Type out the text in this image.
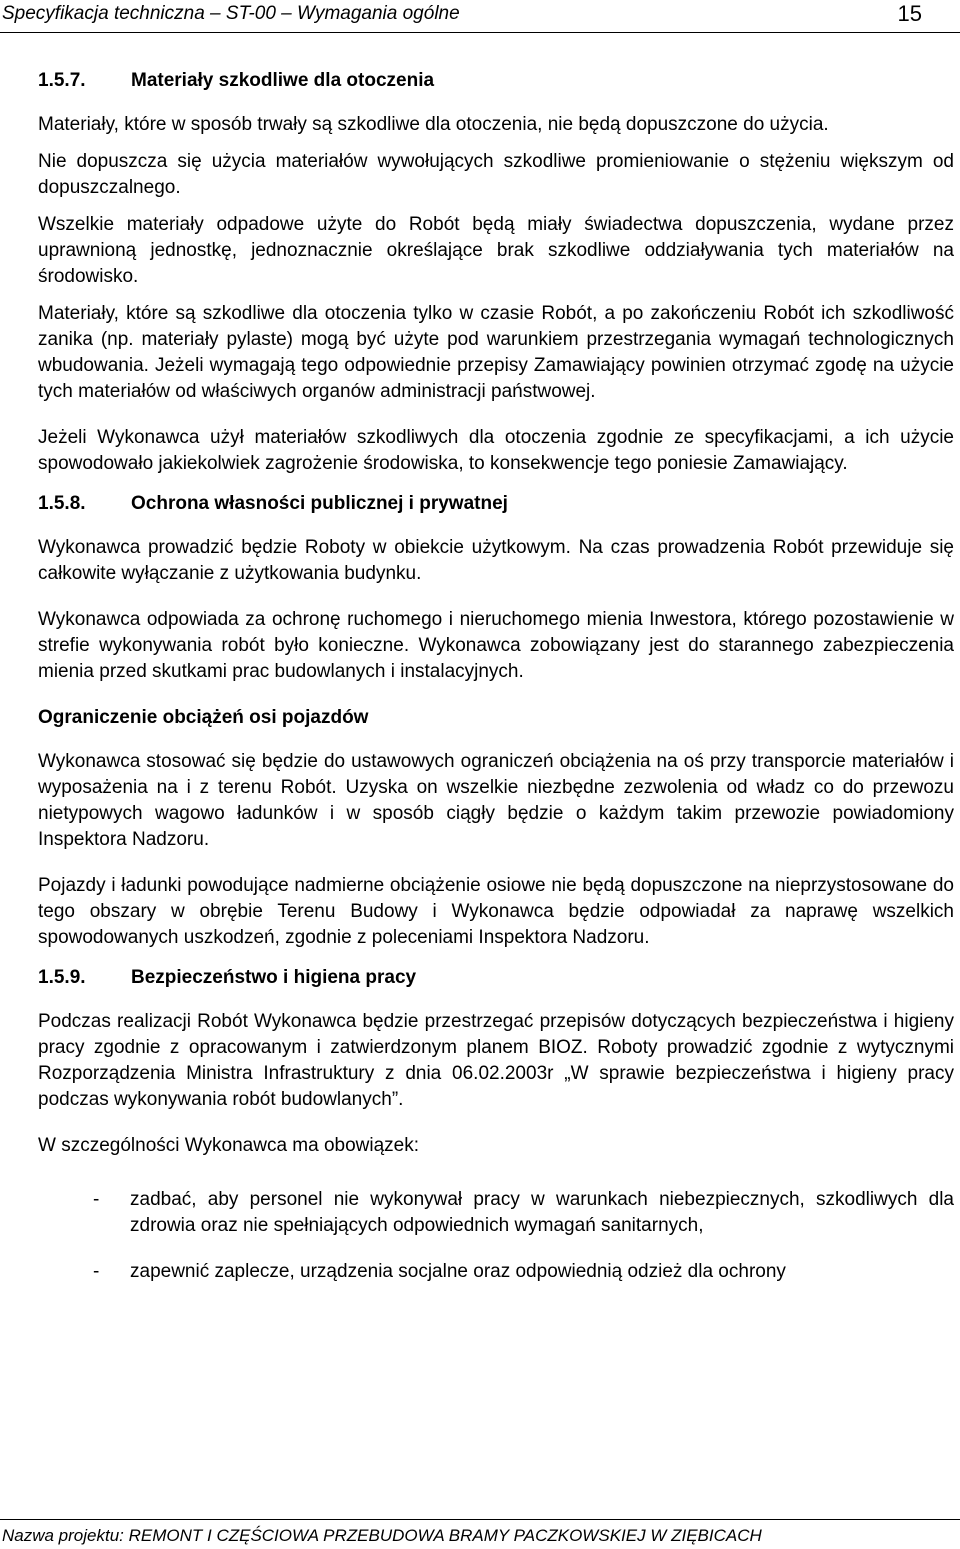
Specyfikacja techniczna – ST-00 – Wymagania ogólne	15
1.5.7.	Materiały szkodliwe dla otoczenia

Materiały, które w sposób trwały są szkodliwe dla otoczenia, nie będą dopuszczone do użycia.

Nie dopuszcza się użycia materiałów wywołujących szkodliwe promieniowanie o stężeniu większym od dopuszczalnego.

Wszelkie materiały odpadowe użyte do Robót będą miały świadectwa dopuszczenia, wydane przez uprawnioną jednostkę, jednoznacznie określające brak szkodliwe oddziaływania tych materiałów na środowisko.

Materiały, które są szkodliwe dla otoczenia tylko w czasie Robót, a po zakończeniu Robót ich szkodliwość zanika (np. materiały pylaste) mogą być użyte pod warunkiem przestrzegania wymagań technologicznych wbudowania. Jeżeli wymagają tego odpowiednie przepisy Zamawiający powinien otrzymać zgodę na użycie tych materiałów od właściwych organów administracji państwowej.

Jeżeli Wykonawca użył materiałów szkodliwych dla otoczenia zgodnie ze specyfikacjami, a ich użycie spowodowało jakiekolwiek zagrożenie środowiska, to konsekwencje tego poniesie Zamawiający.

1.5.8.	Ochrona własności publicznej i prywatnej

Wykonawca prowadzić będzie Roboty w obiekcie użytkowym. Na czas prowadzenia Robót przewiduje się całkowite wyłączanie z użytkowania budynku.

Wykonawca odpowiada za ochronę ruchomego i nieruchomego mienia Inwestora, którego pozostawienie w strefie wykonywania robót było konieczne. Wykonawca zobowiązany jest do starannego zabezpieczenia mienia przed skutkami prac budowlanych i instalacyjnych.

Ograniczenie obciążeń osi pojazdów

Wykonawca stosować się będzie do ustawowych ograniczeń obciążenia na oś przy transporcie materiałów i wyposażenia na i z terenu Robót. Uzyska on wszelkie niezbędne zezwolenia od władz co do przewozu nietypowych wagowo ładunków i w sposób ciągły będzie o każdym takim przewozie powiadomiony Inspektora Nadzoru.

Pojazdy i ładunki powodujące nadmierne obciążenie osiowe nie będą dopuszczone na nieprzystosowane do tego obszary w obrębie Terenu Budowy i Wykonawca będzie odpowiadał za naprawę wszelkich spowodowanych uszkodzeń, zgodnie z poleceniami Inspektora Nadzoru.

1.5.9.	Bezpieczeństwo i higiena pracy

Podczas realizacji Robót Wykonawca będzie przestrzegać przepisów dotyczących bezpieczeństwa i higieny pracy zgodnie z opracowanym i zatwierdzonym planem BIOZ. Roboty prowadzić zgodnie z wytycznymi Rozporządzenia Ministra Infrastruktury z dnia 06.02.2003r „W sprawie bezpieczeństwa i higieny pracy podczas wykonywania robót budowlanych”.

W szczególności Wykonawca ma obowiązek:

-	zadbać, aby personel nie wykonywał pracy w warunkach niebezpiecznych, szkodliwych dla zdrowia oraz nie spełniających odpowiednich wymagań sanitarnych,
-	zapewnić zaplecze, urządzenia socjalne oraz odpowiednią odzież dla ochrony
Nazwa projektu: REMONT I CZĘŚCIOWA PRZEBUDOWA BRAMY PACZKOWSKIEJ W ZIĘBICACH
